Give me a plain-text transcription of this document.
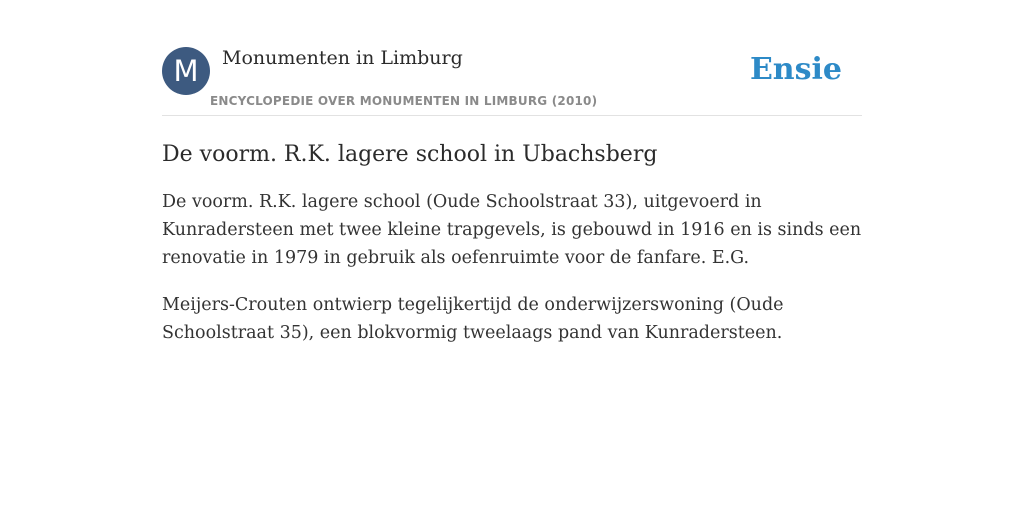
M	Monumenten in Limburg
ENCYCLOPEDIE OVER MONUMENTEN IN LIMBURG (2010)
Ensie
De voorm. R.K. lagere school in Ubachsberg

De voorm. R.K. lagere school (Oude Schoolstraat 33), uitgevoerd in Kunradersteen met twee kleine trapgevels, is gebouwd in 1916 en is sinds een renovatie in 1979 in gebruik als oefenruimte voor de fanfare. E.G.

Meijers-Crouten ontwierp tegelijkertijd de onderwijzerswoning (Oude Schoolstraat 35), een blokvormig tweelaags pand van Kunradersteen.
